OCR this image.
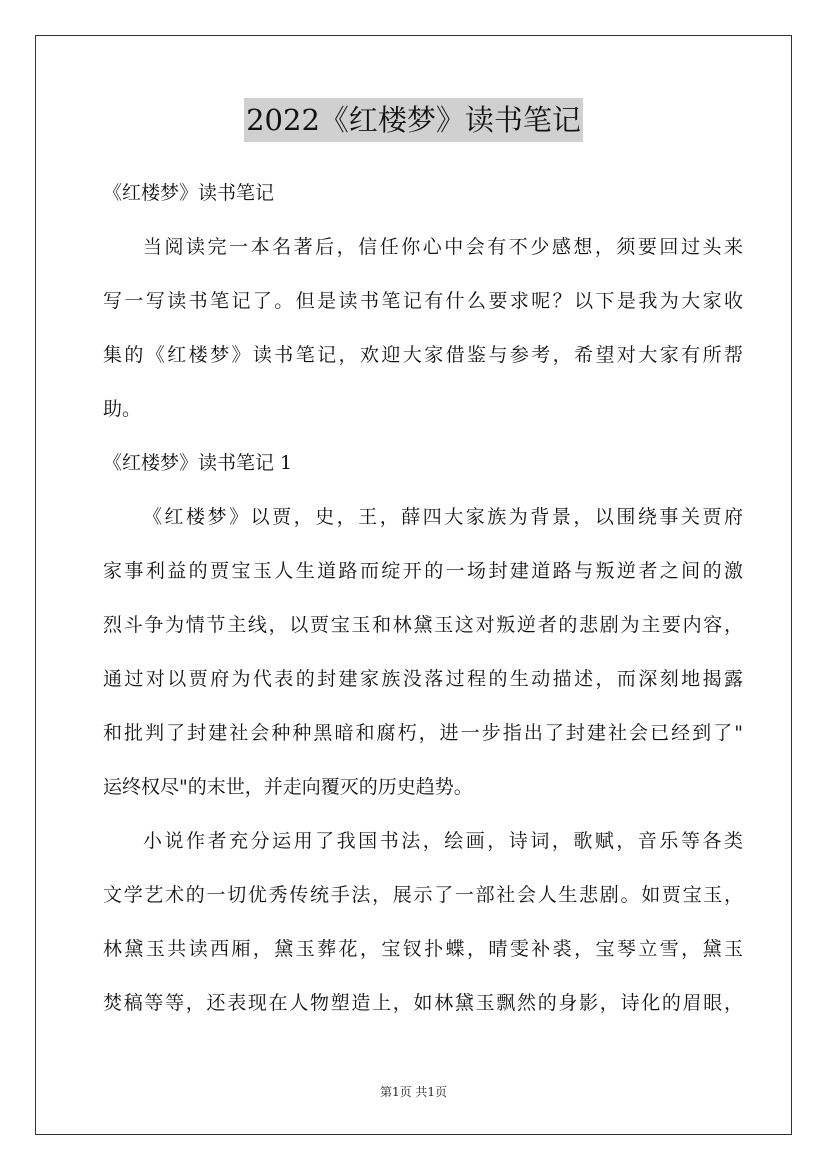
2022《红楼梦》读书笔记
《红楼梦》读书笔记
当阅读完一本名著后，信任你心中会有不少感想，须要回过头来
写一写读书笔记了。但是读书笔记有什么要求呢？以下是我为大家收
集的《红楼梦》读书笔记，欢迎大家借鉴与参考，希望对大家有所帮
助。
《红楼梦》读书笔记 1
《红楼梦》以贾，史，王，薛四大家族为背景，以围绕事关贾府
家事利益的贾宝玉人生道路而绽开的一场封建道路与叛逆者之间的激
烈斗争为情节主线，以贾宝玉和林黛玉这对叛逆者的悲剧为主要内容，
通过对以贾府为代表的封建家族没落过程的生动描述，而深刻地揭露
和批判了封建社会种种黑暗和腐朽，进一步指出了封建社会已经到了"
运终权尽"的末世，并走向覆灭的历史趋势。
小说作者充分运用了我国书法，绘画，诗词，歌赋，音乐等各类
文学艺术的一切优秀传统手法，展示了一部社会人生悲剧。如贾宝玉，
林黛玉共读西厢，黛玉葬花，宝钗扑蝶，晴雯补裘，宝琴立雪，黛玉
焚稿等等，还表现在人物塑造上，如林黛玉飘然的身影，诗化的眉眼，
第1页 共1页
